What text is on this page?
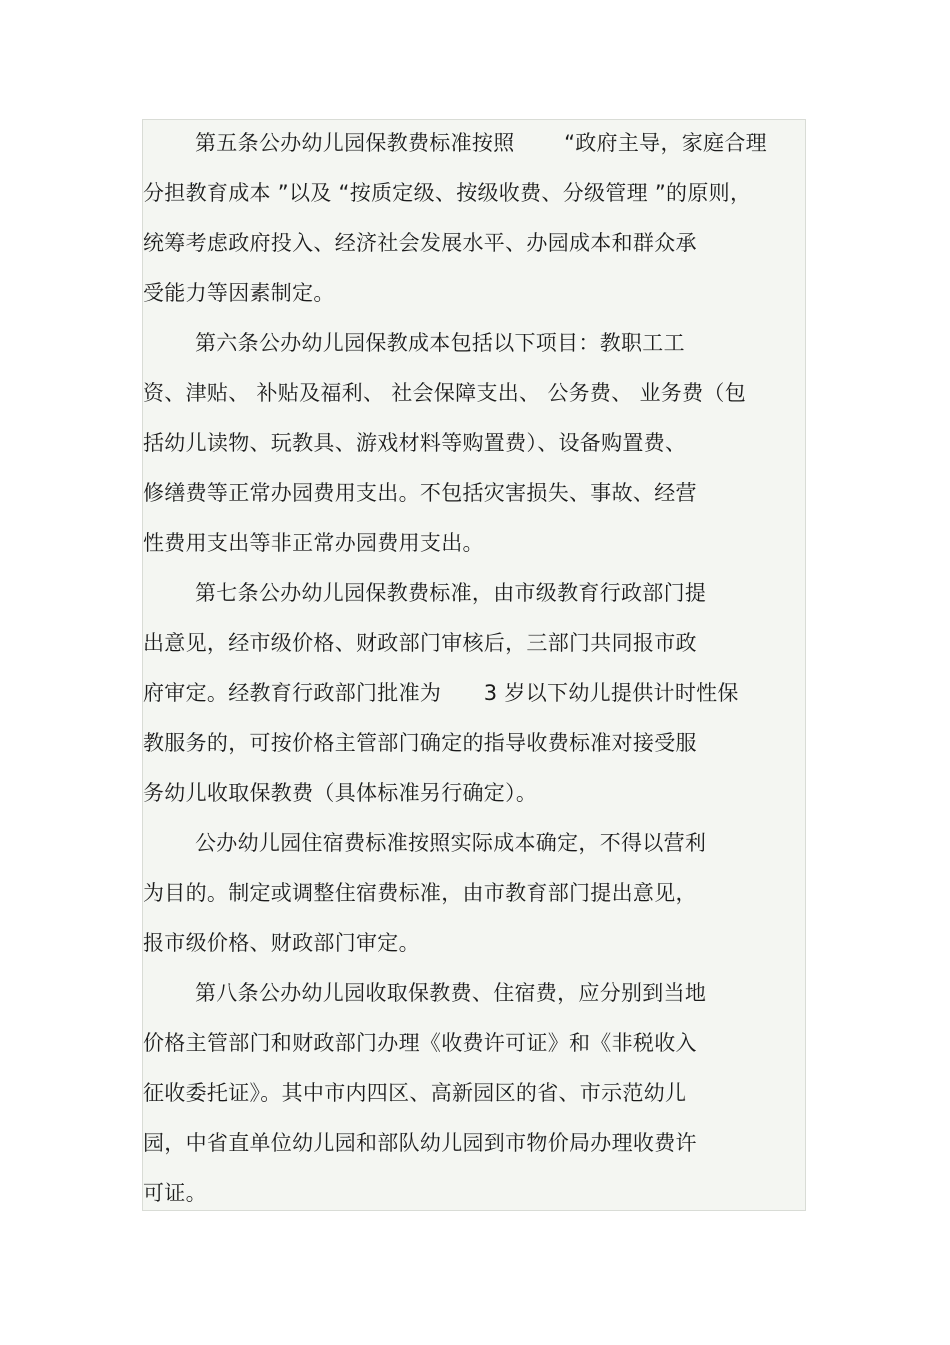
第五条公办幼儿园保教费标准按照　　 “政府主导，家庭合理
分担教育成本 ”以及 “按质定级、按级收费、分级管理 ”的原则，
统筹考虑政府投入、经济社会发展水平、办园成本和群众承
受能力等因素制定。
第六条公办幼儿园保教成本包括以下项目：教职工工
资、津贴、 补贴及福利、 社会保障支出、 公务费、 业务费（包
括幼儿读物、玩教具、游戏材料等购置费）、设备购置费、
修缮费等正常办园费用支出。不包括灾害损失、事故、经营
性费用支出等非正常办园费用支出。
第七条公办幼儿园保教费标准，由市级教育行政部门提
出意见，经市级价格、财政部门审核后，三部门共同报市政
府审定。经教育行政部门批准为　　3 岁以下幼儿提供计时性保
教服务的，可按价格主管部门确定的指导收费标准对接受服
务幼儿收取保教费（具体标准另行确定）。
公办幼儿园住宿费标准按照实际成本确定，不得以营利
为目的。制定或调整住宿费标准，由市教育部门提出意见，
报市级价格、财政部门审定。
第八条公办幼儿园收取保教费、住宿费，应分别到当地
价格主管部门和财政部门办理《收费许可证》和《非税收入
征收委托证》。其中市内四区、高新园区的省、市示范幼儿
园，中省直单位幼儿园和部队幼儿园到市物价局办理收费许
可证。
